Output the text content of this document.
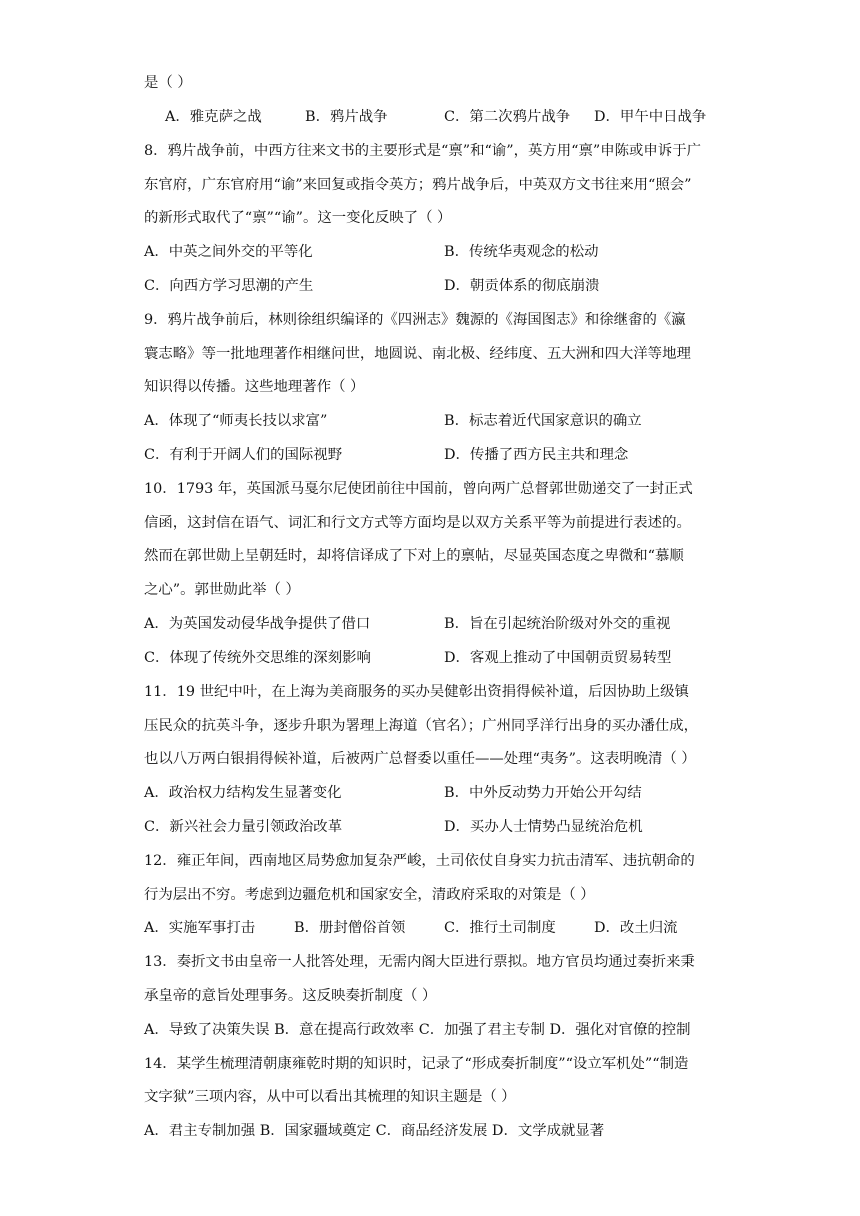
是（ ）
A．雅克萨之战	B．鸦片战争	C．第二次鸦片战争 D．甲午中日战争
8．鸦片战争前，中西方往来文书的主要形式是“禀”和“谕”，英方用“禀”申陈或申诉于广
东官府，广东官府用“谕”来回复或指令英方；鸦片战争后，中英双方文书往来用“照会”
的新形式取代了“禀”“谕”。这一变化反映了（ ）
A．中英之间外交的平等化	B．传统华夷观念的松动
C．向西方学习思潮的产生	D．朝贡体系的彻底崩溃
9．鸦片战争前后，林则徐组织编译的《四洲志》魏源的《海国图志》和徐继畬的《瀛
寰志略》等一批地理著作相继问世，地圆说、南北极、经纬度、五大洲和四大洋等地理
知识得以传播。这些地理著作（ ）
A．体现了“师夷长技以求富”	B．标志着近代国家意识的确立
C．有利于开阔人们的国际视野	D．传播了西方民主共和理念
10．1793 年，英国派马戛尔尼使团前往中国前，曾向两广总督郭世勋递交了一封正式
信函，这封信在语气、词汇和行文方式等方面均是以双方关系平等为前提进行表述的。
然而在郭世勋上呈朝廷时，却将信译成了下对上的禀帖，尽显英国态度之卑微和“慕顺
之心”。郭世勋此举（ ）
A．为英国发动侵华战争提供了借口	B．旨在引起统治阶级对外交的重视
C．体现了传统外交思维的深刻影响	D．客观上推动了中国朝贡贸易转型
11．19 世纪中叶，在上海为美商服务的买办吴健彰出资捐得候补道，后因协助上级镇
压民众的抗英斗争，逐步升职为署理上海道（官名）；广州同孚洋行出身的买办潘仕成，
也以八万两白银捐得候补道，后被两广总督委以重任——处理“夷务”。这表明晚清（ ）
A．政治权力结构发生显著变化	B．中外反动势力开始公开勾结
C．新兴社会力量引领政治改革	D．买办人士情势凸显统治危机
12．雍正年间，西南地区局势愈加复杂严峻，土司依仗自身实力抗击清军、违抗朝命的
行为层出不穷。考虑到边疆危机和国家安全，清政府采取的对策是（ ）
A．实施军事打击	B．册封僧俗首领	C．推行土司制度	D．改土归流
13．奏折文书由皇帝一人批答处理，无需内阁大臣进行票拟。地方官员均通过奏折来秉
承皇帝的意旨处理事务。这反映奏折制度（ ）
A．导致了决策失误 B．意在提高行政效率 C．加强了君主专制 D．强化对官僚的控制
14．某学生梳理清朝康雍乾时期的知识时，记录了“形成奏折制度”“设立军机处”“制造
文字狱”三项内容，从中可以看出其梳理的知识主题是（ ）
A．君主专制加强 B．国家疆域奠定 C．商品经济发展 D．文学成就显著
